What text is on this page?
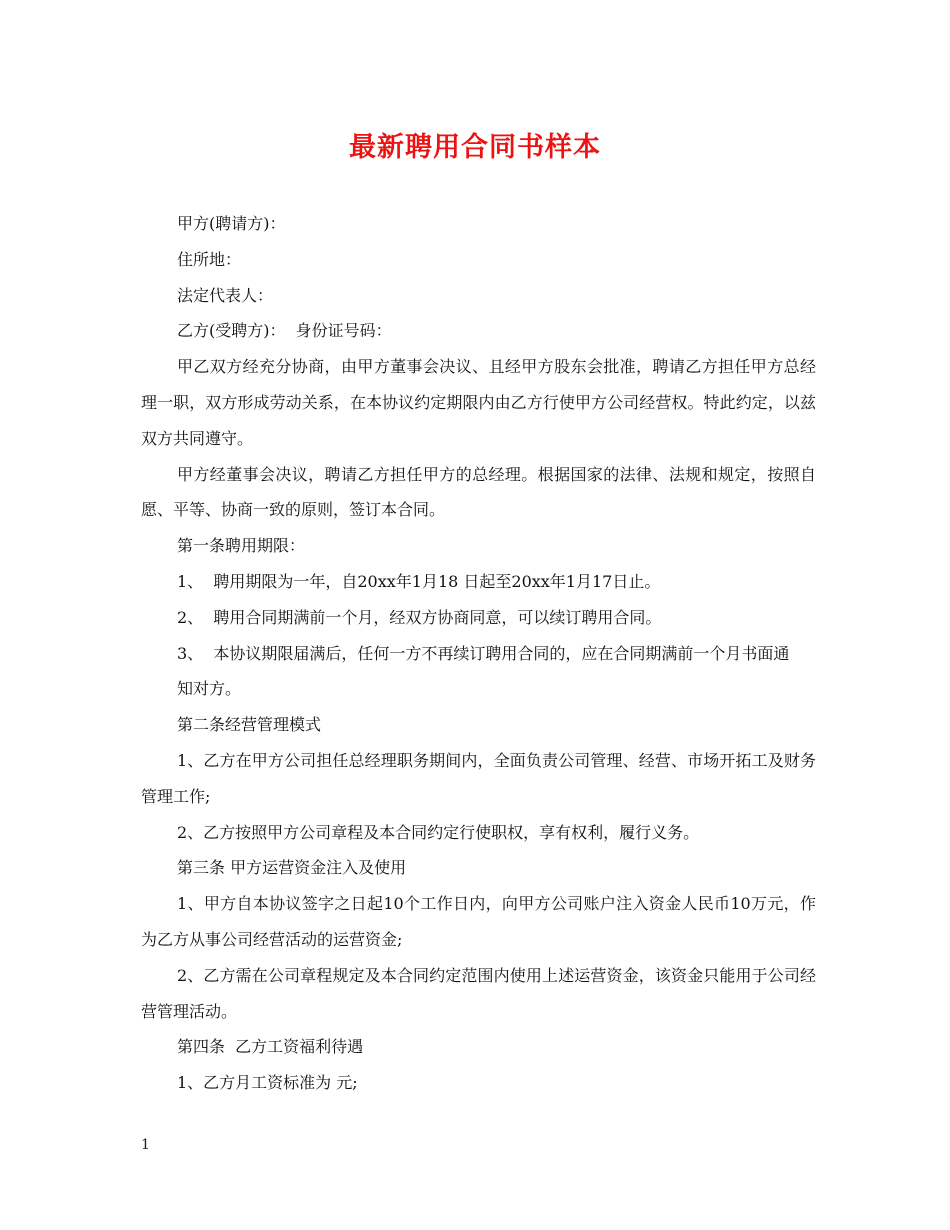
最新聘用合同书样本

甲方(聘请方)：

住所地：

法定代表人：

乙方(受聘方)：  身份证号码：

甲乙双方经充分协商，由甲方董事会决议、且经甲方股东会批准，聘请乙方担任甲方总经理一职，双方形成劳动关系，在本协议约定期限内由乙方行使甲方公司经营权。特此约定，以兹双方共同遵守。

甲方经董事会决议，聘请乙方担任甲方的总经理。根据国家的法律、法规和规定，按照自愿、平等、协商一致的原则，签订本合同。

第一条聘用期限：

1、  聘用期限为一年，自20xx年1月18 日起至20xx年1月17日止。

2、  聘用合同期满前一个月，经双方协商同意，可以续订聘用合同。

3、  本协议期限届满后，任何一方不再续订聘用合同的，应在合同期满前一个月书面通

知对方。

第二条经营管理模式

1、乙方在甲方公司担任总经理职务期间内，全面负责公司管理、经营、市场开拓工及财务管理工作;

2、乙方按照甲方公司章程及本合同约定行使职权，享有权利，履行义务。

第三条 甲方运营资金注入及使用

1、甲方自本协议签字之日起10个工作日内，向甲方公司账户注入资金人民币10万元，作为乙方从事公司经营活动的运营资金;

2、乙方需在公司章程规定及本合同约定范围内使用上述运营资金，该资金只能用于公司经营管理活动。

第四条  乙方工资福利待遇

1、乙方月工资标准为 元;

1
